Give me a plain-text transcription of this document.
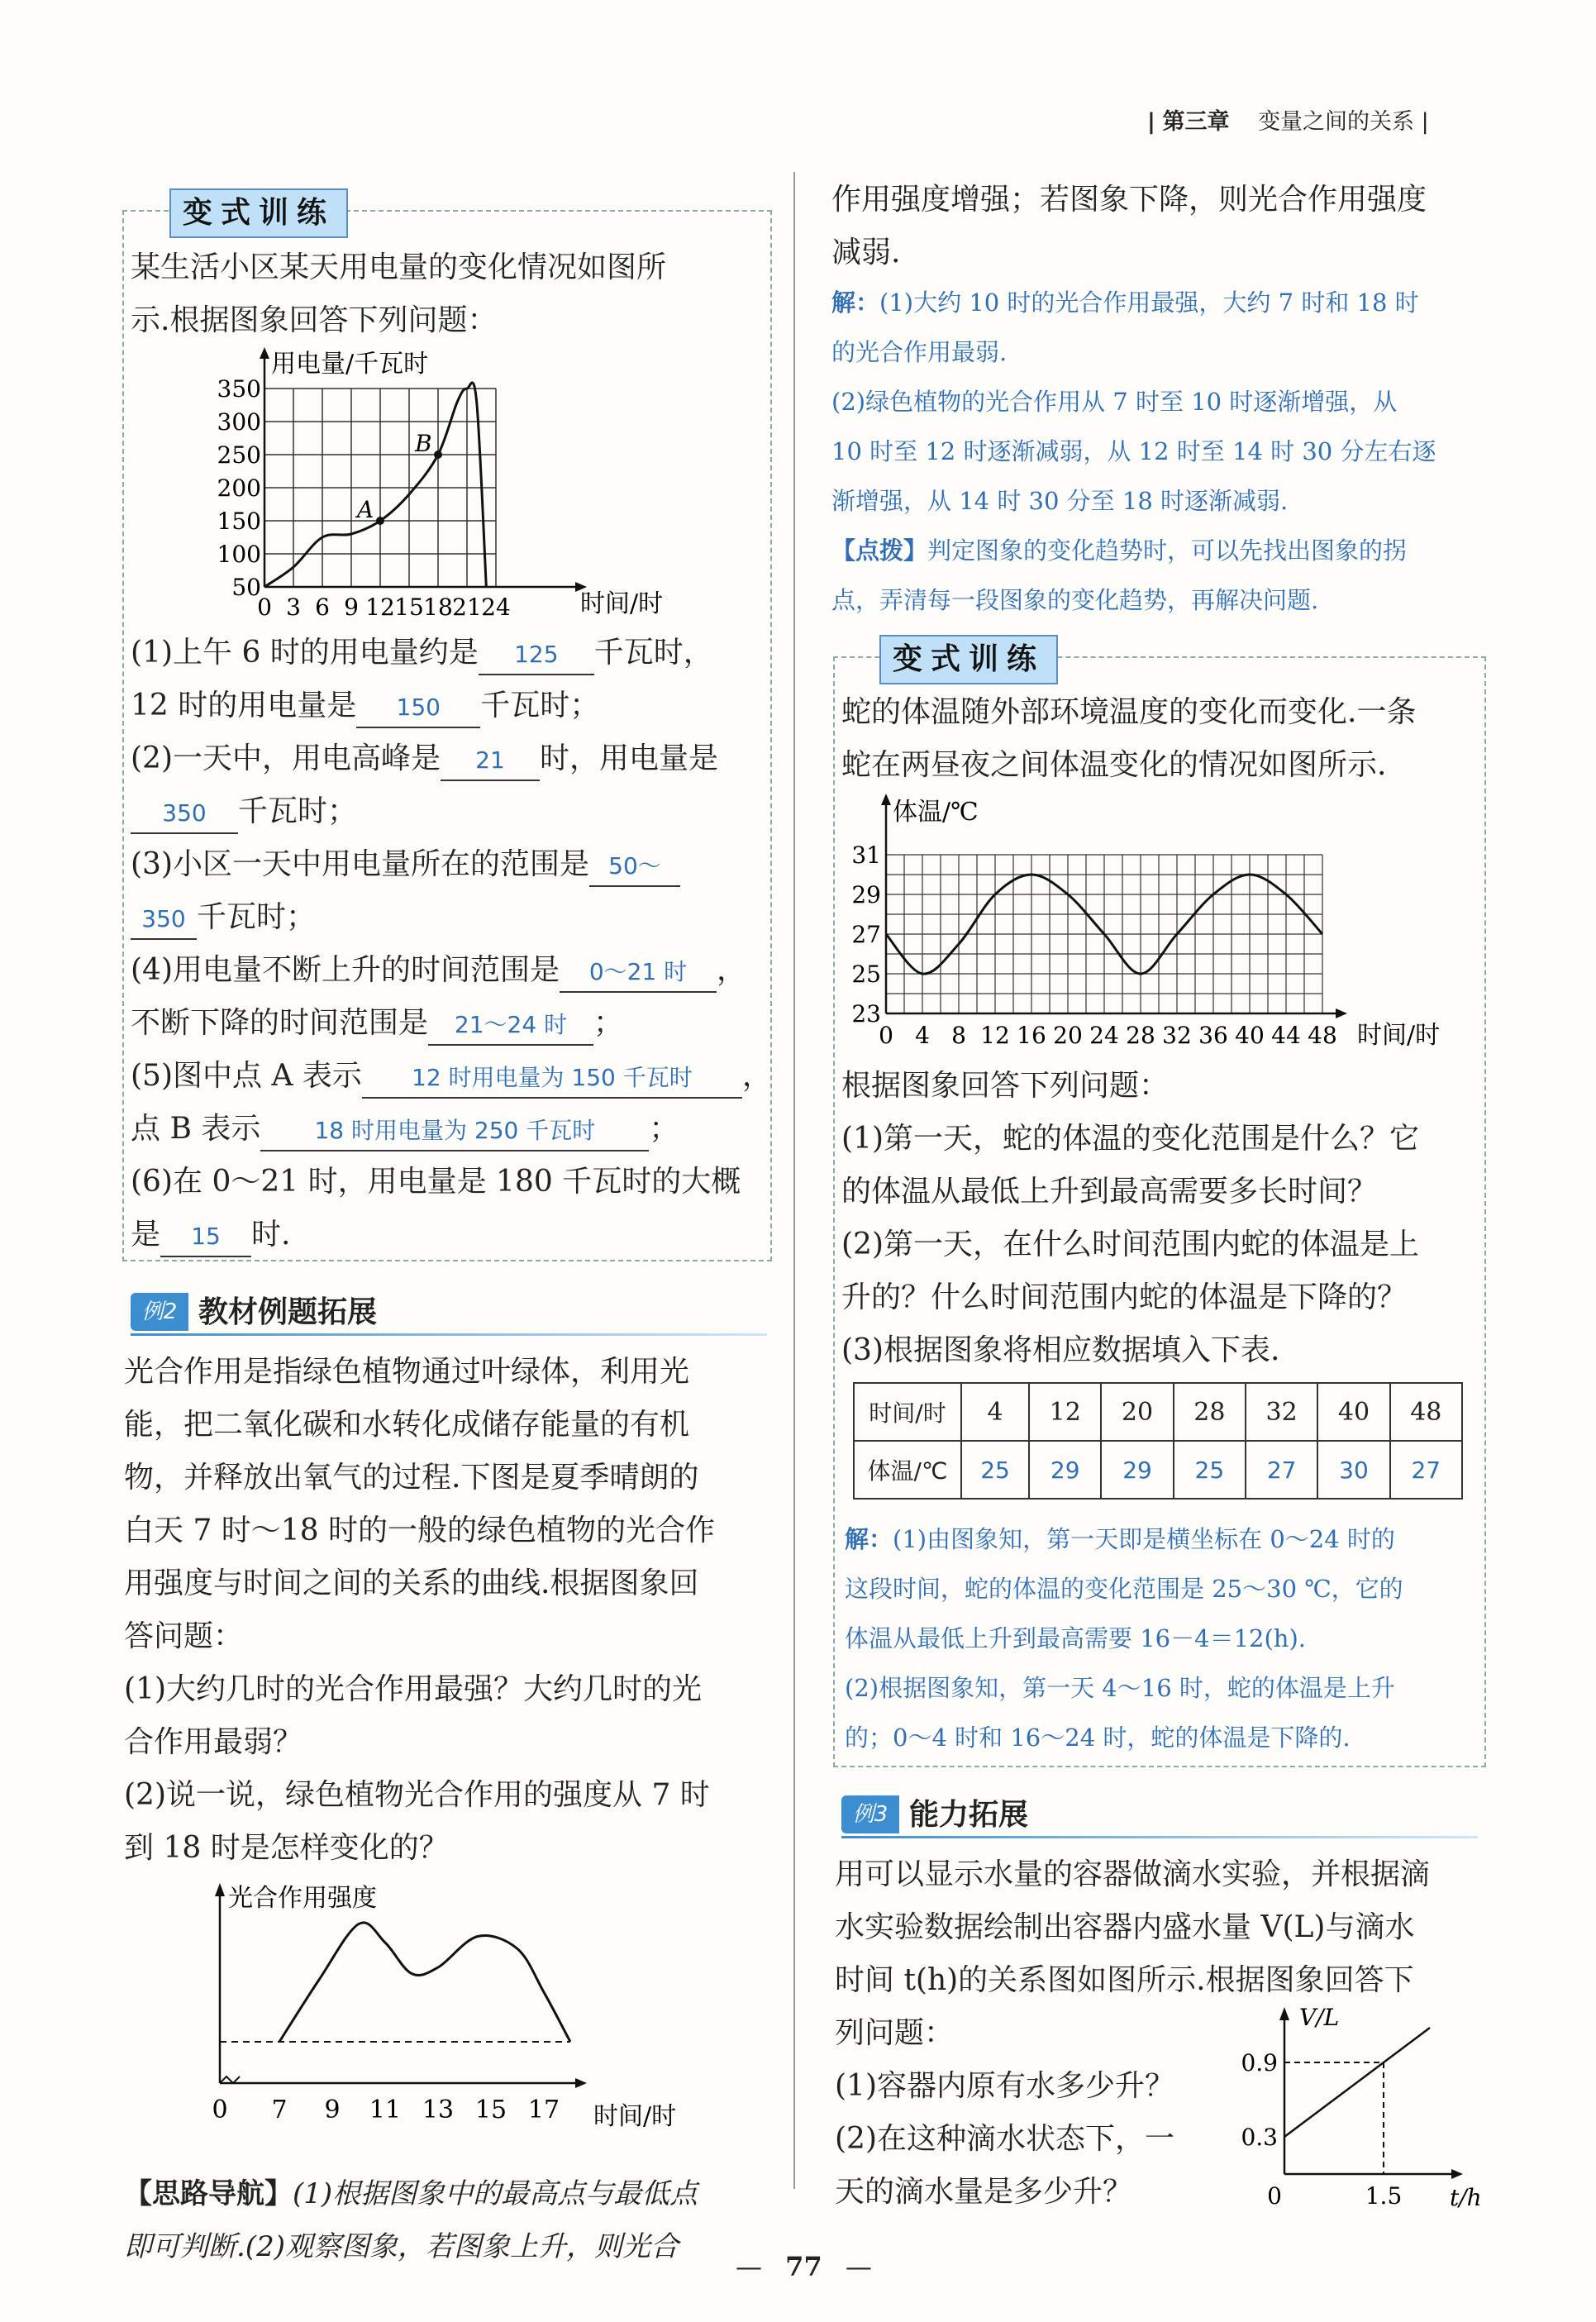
| 第三章 变量之间的关系 |
变式训练
某生活小区某天用电量的变化情况如图所
示.根据图象回答下列问题：
A
B
用电量/千瓦时
时间/时
0 3 6 9 12 15 18 21 24
50
100
150
200
250
300
350
(1)上午 6 时的用电量约是 125 千瓦时，
12 时的用电量是 150 千瓦时；
(2)一天中，用电高峰是 21 时，用电量是
350 千瓦时；
(3)小区一天中用电量所在的范围是 50～
350 千瓦时；
(4)用电量不断上升的时间范围是 0～21 时 ，
不断下降的时间范围是 21～24 时 ；
(5)图中点 A 表示 12 时用电量为 150 千瓦时 ，
点 B 表示 18 时用电量为 250 千瓦时 ；
(6)在 0～21 时，用电量是 180 千瓦时的大概
是 15 时.
例2 教材例题拓展
光合作用是指绿色植物通过叶绿体，利用光
能，把二氧化碳和水转化成储存能量的有机
物，并释放出氧气的过程.下图是夏季晴朗的
白天 7 时～18 时的一般的绿色植物的光合作
用强度与时间之间的关系的曲线.根据图象回
答问题：
(1)大约几时的光合作用最强？大约几时的光
合作用最弱？
(2)说一说，绿色植物光合作用的强度从 7 时
到 18 时是怎样变化的？
0 7 9 11 13 15 17
光合作用强度
时间/时
【思路导航】(1)根据图象中的最高点与最低点
即可判断.(2)观察图象，若图象上升，则光合
作用强度增强；若图象下降，则光合作用强度
减弱.
解：(1)大约 10 时的光合作用最强，大约 7 时和 18 时
的光合作用最弱.
(2)绿色植物的光合作用从 7 时至 10 时逐渐增强，从
10 时至 12 时逐渐减弱，从 12 时至 14 时 30 分左右逐
渐增强，从 14 时 30 分至 18 时逐渐减弱.
【点拨】判定图象的变化趋势时，可以先找出图象的拐
点，弄清每一段图象的变化趋势，再解决问题.
变式训练
蛇的体温随外部环境温度的变化而变化.一条
蛇在两昼夜之间体温变化的情况如图所示.
体温/℃
时间/时
0 4 8 12 16 20 24 28 32 36 40 44 48
23
25
27
29
31
根据图象回答下列问题：
(1)第一天，蛇的体温的变化范围是什么？它
的体温从最低上升到最高需要多长时间？
(2)第一天，在什么时间范围内蛇的体温是上
升的？什么时间范围内蛇的体温是下降的？
(3)根据图象将相应数据填入下表.
时间/时	4	12	20	28	32	40	48
体温/℃	25	29	29	25	27	30	27
解：(1)由图象知，第一天即是横坐标在 0～24 时的
这段时间，蛇的体温的变化范围是 25～30 ℃，它的
体温从最低上升到最高需要 16－4＝12(h).
(2)根据图象知，第一天 4～16 时，蛇的体温是上升
的；0～4 时和 16～24 时，蛇的体温是下降的.
例3 能力拓展
用可以显示水量的容器做滴水实验，并根据滴
水实验数据绘制出容器内盛水量 V(L)与滴水
时间 t(h)的关系图如图所示.根据图象回答下
列问题：
(1)容器内原有水多少升？
(2)在这种滴水状态下，一
天的滴水量是多少升？	0	1.5
0.3
0.9
V/L
t/h
— 77 —
